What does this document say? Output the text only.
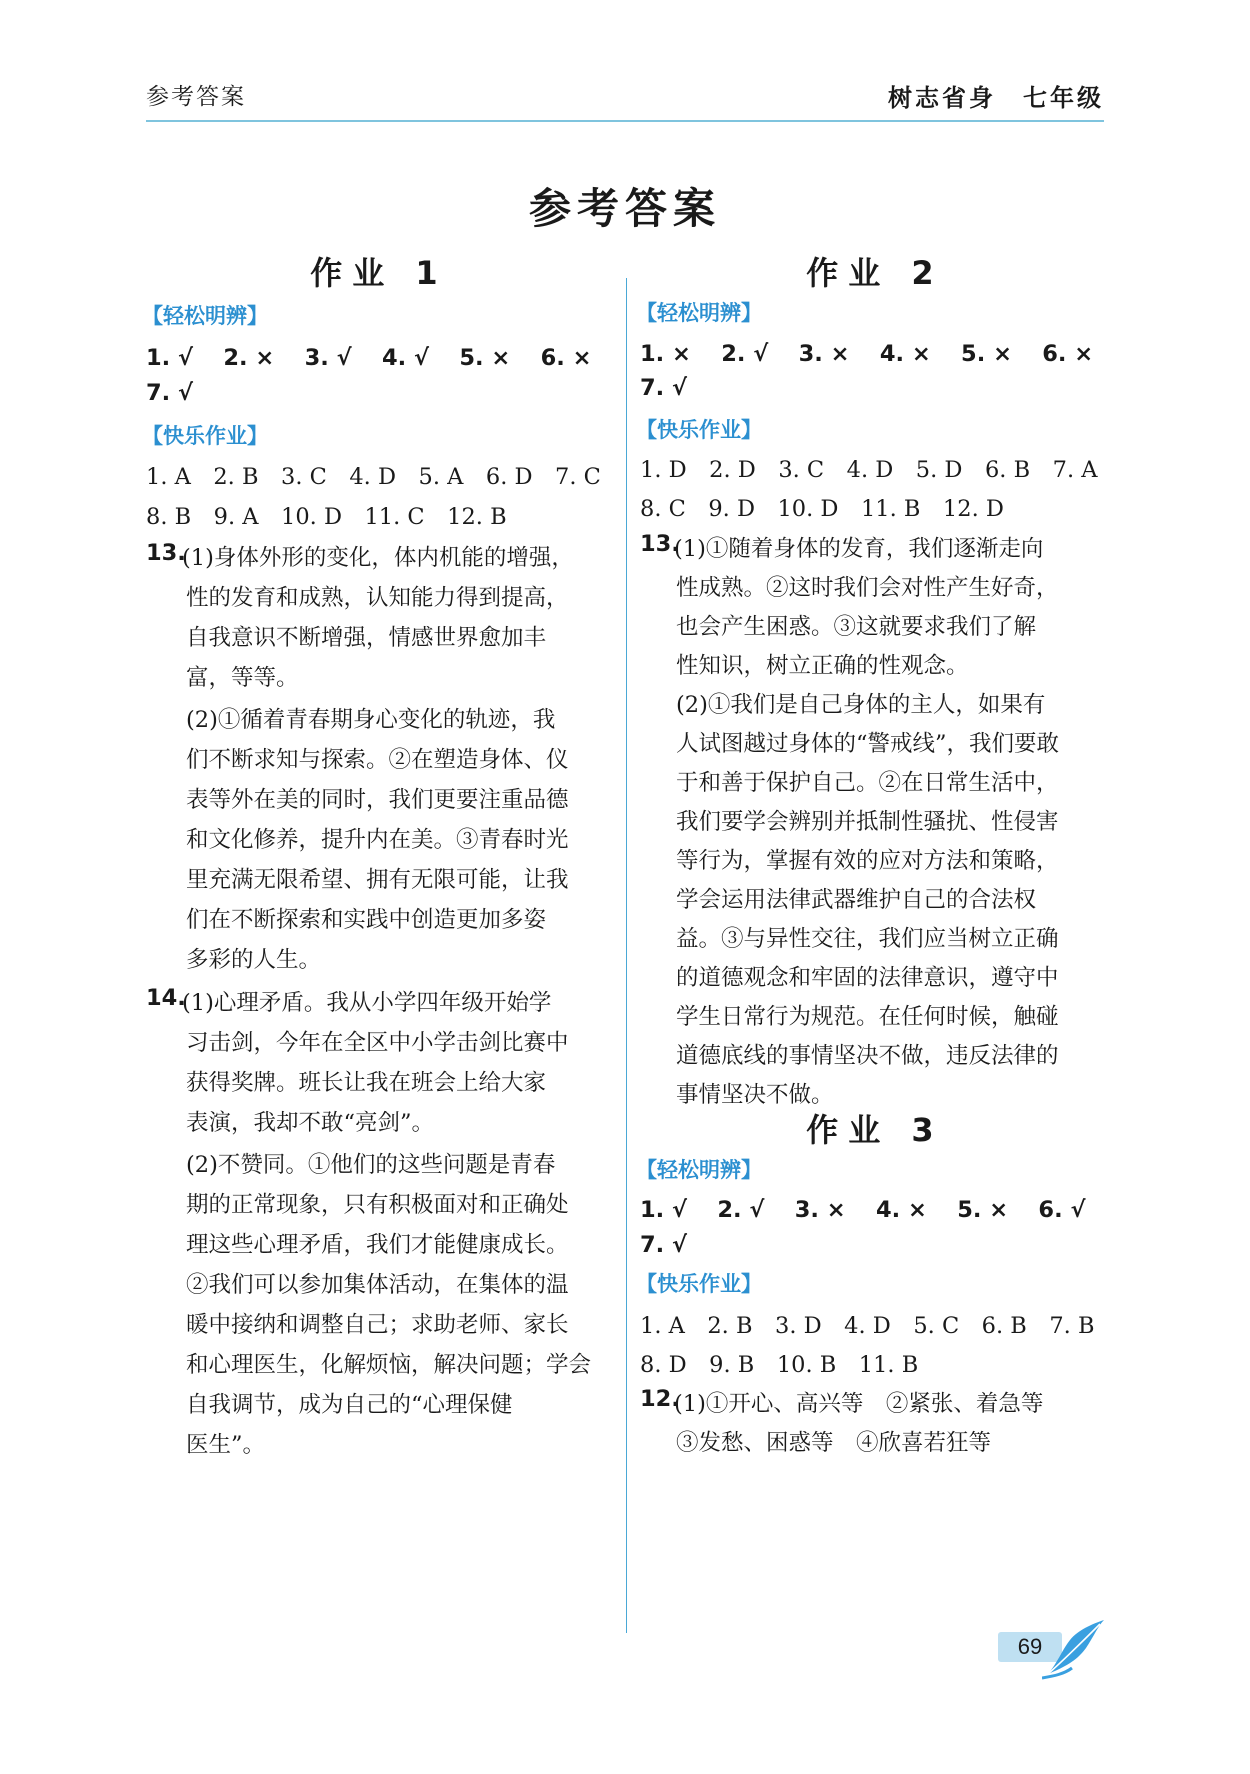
参考答案	树志省身　七年级
参考答案
作业 1
【轻松明辨】
1. √　 2. ×　 3. √　 4. √　 5. ×　 6. ×
7. √
【快乐作业】
1. A　2. B　3. C　4. D　5. A　6. D　7. C
8. B　9. A　10. D　11. C　12. B
13.
(1)身体外形的变化，体内机能的增强，
性的发育和成熟，认知能力得到提高，
自我意识不断增强，情感世界愈加丰
富，等等。
(2)①循着青春期身心变化的轨迹，我
们不断求知与探索。②在塑造身体、仪
表等外在美的同时，我们更要注重品德
和文化修养，提升内在美。③青春时光
里充满无限希望、拥有无限可能，让我
们在不断探索和实践中创造更加多姿
多彩的人生。
14.
(1)心理矛盾。我从小学四年级开始学
习击剑，今年在全区中小学击剑比赛中
获得奖牌。班长让我在班会上给大家
表演，我却不敢“亮剑”。
(2)不赞同。①他们的这些问题是青春
期的正常现象，只有积极面对和正确处
理这些心理矛盾，我们才能健康成长。
②我们可以参加集体活动，在集体的温
暖中接纳和调整自己；求助老师、家长
和心理医生，化解烦恼，解决问题；学会
自我调节，成为自己的“心理保健
医生”。
作业 2
【轻松明辨】
1. ×　 2. √　 3. ×　 4. ×　 5. ×　 6. ×
7. √
【快乐作业】
1. D　2. D　3. C　4. D　5. D　6. B　7. A
8. C　9. D　10. D　11. B　12. D
13.
(1)①随着身体的发育，我们逐渐走向
性成熟。②这时我们会对性产生好奇，
也会产生困惑。③这就要求我们了解
性知识，树立正确的性观念。
(2)①我们是自己身体的主人，如果有
人试图越过身体的“警戒线”，我们要敢
于和善于保护自己。②在日常生活中，
我们要学会辨别并抵制性骚扰、性侵害
等行为，掌握有效的应对方法和策略，
学会运用法律武器维护自己的合法权
益。③与异性交往，我们应当树立正确
的道德观念和牢固的法律意识，遵守中
学生日常行为规范。在任何时候，触碰
道德底线的事情坚决不做，违反法律的
事情坚决不做。
作业 3
【轻松明辨】
1. √　 2. √　 3. ×　 4. ×　 5. ×　 6. √
7. √
【快乐作业】
1. A　2. B　3. D　4. D　5. C　6. B　7. B
8. D　9. B　10. B　11. B
12.
(1)①开心、高兴等　②紧张、着急等
③发愁、困惑等　④欣喜若狂等
69
